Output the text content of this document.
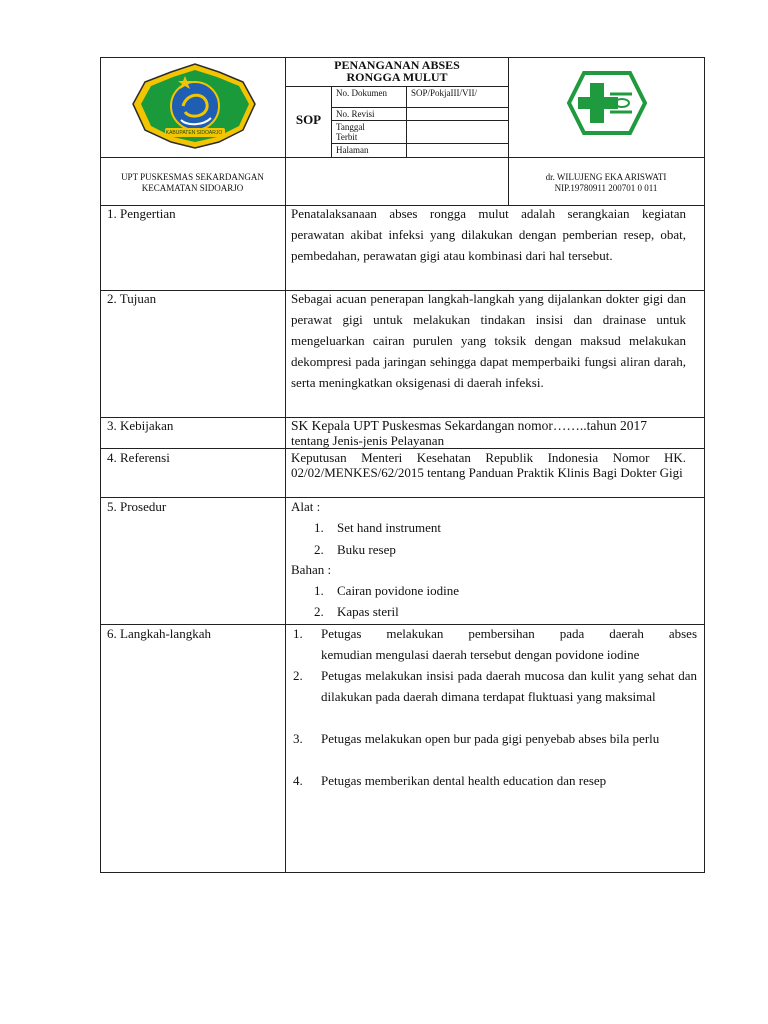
KABUPATEN SIDOARJO
PENANGANAN ABSES
RONGGA MULUT
SOP
No. Dokumen	SOP/PokjaIII/VII/
No. Revisi
Tanggal Terbit
Halaman
UPT PUSKESMAS SEKARDANGAN
KECAMATAN SIDOARJO
dr. WILUJENG EKA ARISWATI
NIP.19780911 200701 0 011
1. Pengertian	Penatalaksanaan abses rongga mulut adalah serangkaian kegiatan perawatan akibat infeksi yang dilakukan dengan pemberian resep, obat, pembedahan, perawatan gigi atau kombinasi dari hal tersebut.
2. Tujuan	Sebagai acuan penerapan langkah-langkah yang dijalankan dokter gigi dan perawat gigi untuk melakukan tindakan insisi dan drainase untuk mengeluarkan cairan purulen yang toksik dengan maksud melakukan dekompresi pada jaringan sehingga dapat memperbaiki fungsi aliran darah, serta meningkatkan oksigenasi di daerah infeksi.
3. Kebijakan	SK Kepala UPT Puskesmas Sekardangan nomor……..tahun 2017
tentang Jenis-jenis Pelayanan
4. Referensi	Keputusan Menteri Kesehatan Republik Indonesia Nomor HK. 02/02/MENKES/62/2015 tentang Panduan Praktik Klinis Bagi Dokter Gigi
5. Prosedur	Alat :
1. Set hand instrument
2. Buku resep
Bahan :
1. Cairan povidone iodine
2. Kapas steril
6. Langkah-langkah	1. Petugas melakukan pembersihan pada daerah abses kemudian mengulasi daerah tersebut dengan povidone iodine
2. Petugas melakukan insisi pada daerah mucosa dan kulit yang sehat dan dilakukan pada daerah dimana terdapat fluktuasi yang maksimal
3. Petugas melakukan open bur pada gigi penyebab abses bila perlu
4. Petugas memberikan dental health education dan resep
